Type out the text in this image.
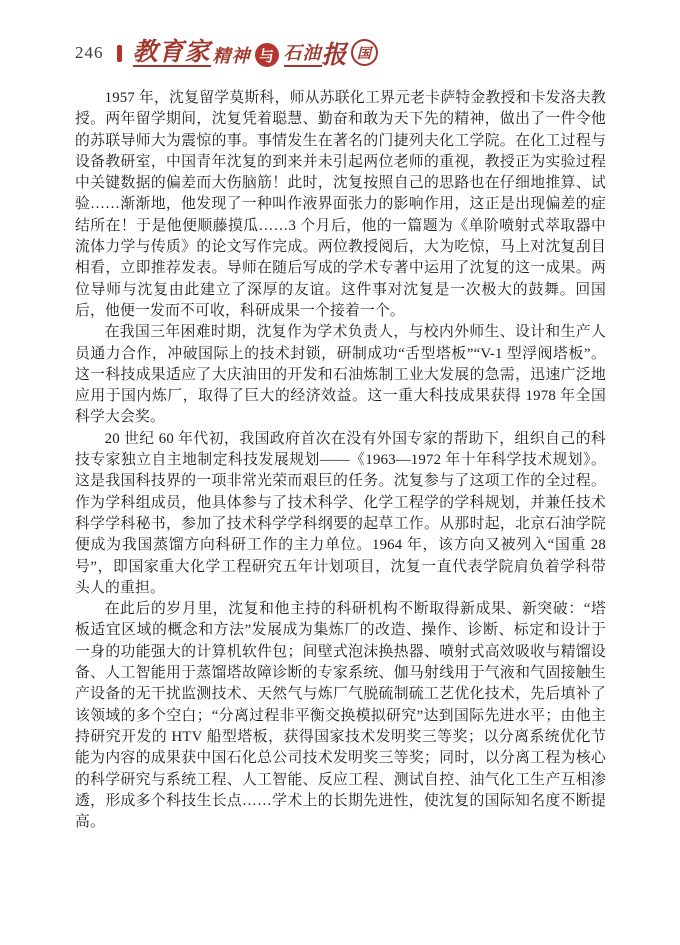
246 教育家 精神 与 石油 报 国

1957 年，沈复留学莫斯科，师从苏联化工界元老卡萨特金教授和卡发洛夫教授。两年留学期间，沈复凭着聪慧、勤奋和敢为天下先的精神，做出了一件令他的苏联导师大为震惊的事。事情发生在著名的门捷列夫化工学院。在化工过程与设备教研室，中国青年沈复的到来并未引起两位老师的重视，教授正为实验过程中关键数据的偏差而大伤脑筋！此时，沈复按照自己的思路也在仔细地推算、试验……渐渐地，他发现了一种叫作液界面张力的影响作用，这正是出现偏差的症结所在！于是他便顺藤摸瓜……3 个月后，他的一篇题为《单阶喷射式萃取器中流体力学与传质》的论文写作完成。两位教授阅后，大为吃惊，马上对沈复刮目相看，立即推荐发表。导师在随后写成的学术专著中运用了沈复的这一成果。两位导师与沈复由此建立了深厚的友谊。这件事对沈复是一次极大的鼓舞。回国后，他便一发而不可收，科研成果一个接着一个。

在我国三年困难时期，沈复作为学术负责人，与校内外师生、设计和生产人员通力合作，冲破国际上的技术封锁，研制成功“舌型塔板”“V-1 型浮阀塔板”。这一科技成果适应了大庆油田的开发和石油炼制工业大发展的急需，迅速广泛地应用于国内炼厂，取得了巨大的经济效益。这一重大科技成果获得 1978 年全国科学大会奖。

20 世纪 60 年代初，我国政府首次在没有外国专家的帮助下，组织自己的科技专家独立自主地制定科技发展规划——《1963—1972 年十年科学技术规划》。这是我国科技界的一项非常光荣而艰巨的任务。沈复参与了这项工作的全过程。作为学科组成员，他具体参与了技术科学、化学工程学的学科规划，并兼任技术科学学科秘书，参加了技术科学学科纲要的起草工作。从那时起，北京石油学院便成为我国蒸馏方向科研工作的主力单位。1964 年，该方向又被列入“国重 28 号”，即国家重大化学工程研究五年计划项目，沈复一直代表学院肩负着学科带头人的重担。

在此后的岁月里，沈复和他主持的科研机构不断取得新成果、新突破：“塔板适宜区域的概念和方法”发展成为集炼厂的改造、操作、诊断、标定和设计于一身的功能强大的计算机软件包；间壁式泡沫换热器、喷射式高效吸收与精馏设备、人工智能用于蒸馏塔故障诊断的专家系统、伽马射线用于气液和气固接触生产设备的无干扰监测技术、天然气与炼厂气脱硫制硫工艺优化技术，先后填补了该领域的多个空白；“分离过程非平衡交换模拟研究”达到国际先进水平；由他主持研究开发的 HTV 船型塔板，获得国家技术发明奖三等奖；以分离系统优化节能为内容的成果获中国石化总公司技术发明奖三等奖；同时，以分离工程为核心的科学研究与系统工程、人工智能、反应工程、测试自控、油气化工生产互相渗透，形成多个科技生长点……学术上的长期先进性，使沈复的国际知名度不断提高。
